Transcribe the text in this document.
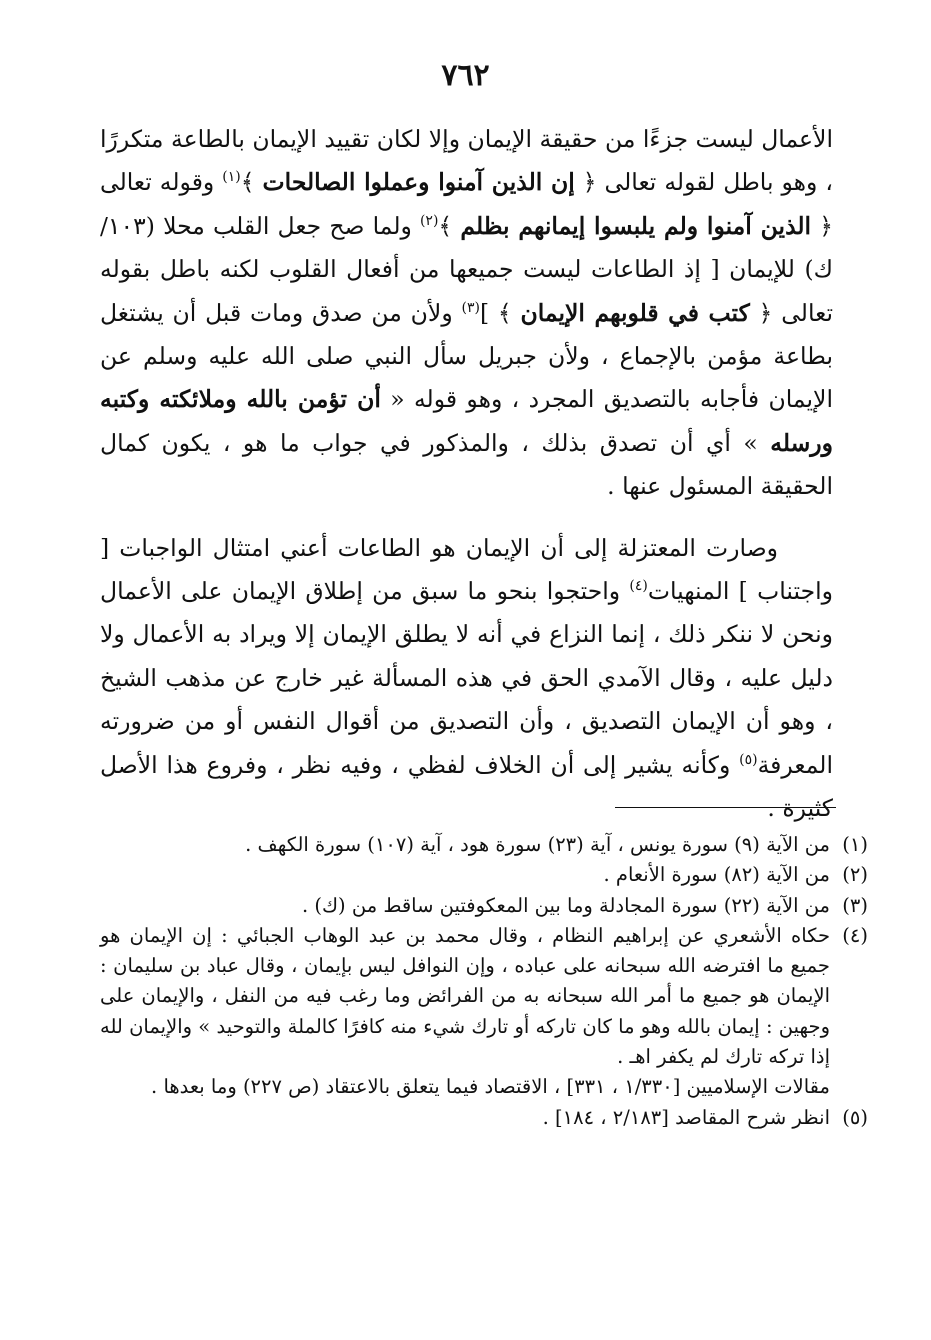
٧٦٢

الأعمال ليست جزءًا من حقيقة الإيمان وإلا لكان تقييد الإيمان بالطاعة متكررًا ، وهو باطل لقوله تعالى ﴿ إن الذين آمنوا وعملوا الصالحات ﴾$^{(١)}$ وقوله تعالى ﴿ الذين آمنوا ولم يلبسوا إيمانهم بظلم ﴾$^{(٢)}$ ولما صح جعل القلب محلا (١٠٣/ك) للإيمان [ إذ الطاعات ليست جميعها من أفعال القلوب لكنه باطل بقوله تعالى ﴿ كتب في قلوبهم الإيمان ﴾ ]$^{(٣)}$ ولأن من صدق ومات قبل أن يشتغل بطاعة مؤمن بالإجماع ، ولأن جبريل سأل النبي صلى الله عليه وسلم عن الإيمان فأجابه بالتصديق المجرد ، وهو قوله « أن تؤمن بالله وملائكته وكتبه ورسله » أي أن تصدق بذلك ، والمذكور في جواب ما هو ، يكون كمال الحقيقة المسئول عنها .

وصارت المعتزلة إلى أن الإيمان هو الطاعات أعني امتثال الواجبات [ واجتناب ] المنهيات$^{(٤)}$ واحتجوا بنحو ما سبق من إطلاق الإيمان على الأعمال ونحن لا ننكر ذلك ، إنما النزاع في أنه لا يطلق الإيمان إلا ويراد به الأعمال ولا دليل عليه ، وقال الآمدي الحق في هذه المسألة غير خارج عن مذهب الشيخ ، وهو أن الإيمان التصديق ، وأن التصديق من أقوال النفس أو من ضرورته المعرفة$^{(٥)}$ وكأنه يشير إلى أن الخلاف لفظي ، وفيه نظر ، وفروع هذا الأصل كثيرة .

(١)
من الآية (٩) سورة يونس ، آية (٢٣) سورة هود ، آية (١٠٧) سورة الكهف .

(٢)
من الآية (٨٢) سورة الأنعام .

(٣)
من الآية (٢٢) سورة المجادلة وما بين المعكوفتين ساقط من (ك) .

(٤)
حكاه الأشعري عن إبراهيم النظام ، وقال محمد بن عبد الوهاب الجبائي : إن الإيمان هو جميع ما افترضه الله سبحانه على عباده ، وإن النوافل ليس بإيمان ، وقال عباد بن سليمان : الإيمان هو جميع ما أمر الله سبحانه به من الفرائض وما رغب فيه من النفل ، والإيمان على وجهين : إيمان بالله وهو ما كان تاركه أو تارك شيء منه كافرًا كالملة والتوحيد » والإيمان لله إذا تركه تارك لم يكفر اهـ .

مقالات الإسلاميين [١/٣٣٠ ، ٣٣١] ، الاقتصاد فيما يتعلق بالاعتقاد (ص ٢٢٧) وما بعدها .

(٥)
انظر شرح المقاصد [٢/١٨٣ ، ١٨٤] .
